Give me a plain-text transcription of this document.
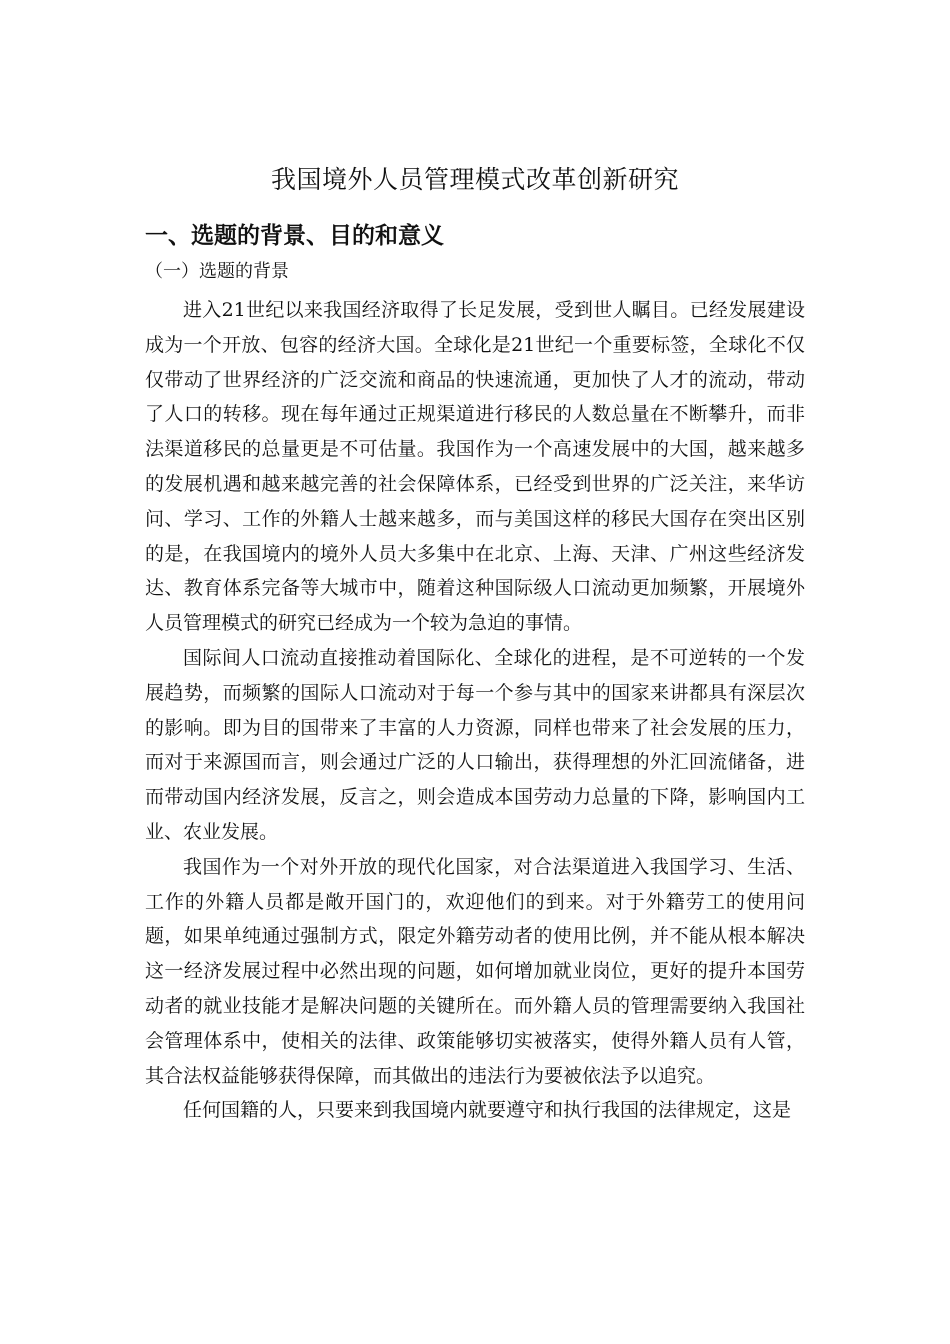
我国境外人员管理模式改革创新研究
一、选题的背景、目的和意义
（一）选题的背景

进入21世纪以来我国经济取得了长足发展，受到世人瞩目。已经发展建设成为一个开放、包容的经济大国。全球化是21世纪一个重要标签，全球化不仅仅带动了世界经济的广泛交流和商品的快速流通，更加快了人才的流动，带动了人口的转移。现在每年通过正规渠道进行移民的人数总量在不断攀升，而非法渠道移民的总量更是不可估量。我国作为一个高速发展中的大国，越来越多的发展机遇和越来越完善的社会保障体系，已经受到世界的广泛关注，来华访问、学习、工作的外籍人士越来越多，而与美国这样的移民大国存在突出区别的是，在我国境内的境外人员大多集中在北京、上海、天津、广州这些经济发达、教育体系完备等大城市中，随着这种国际级人口流动更加频繁，开展境外人员管理模式的研究已经成为一个较为急迫的事情。

国际间人口流动直接推动着国际化、全球化的进程，是不可逆转的一个发展趋势，而频繁的国际人口流动对于每一个参与其中的国家来讲都具有深层次的影响。即为目的国带来了丰富的人力资源，同样也带来了社会发展的压力，而对于来源国而言，则会通过广泛的人口输出，获得理想的外汇回流储备，进而带动国内经济发展，反言之，则会造成本国劳动力总量的下降，影响国内工业、农业发展。

我国作为一个对外开放的现代化国家，对合法渠道进入我国学习、生活、工作的外籍人员都是敞开国门的，欢迎他们的到来。对于外籍劳工的使用问题，如果单纯通过强制方式，限定外籍劳动者的使用比例，并不能从根本解决这一经济发展过程中必然出现的问题，如何增加就业岗位，更好的提升本国劳动者的就业技能才是解决问题的关键所在。而外籍人员的管理需要纳入我国社会管理体系中，使相关的法律、政策能够切实被落实，使得外籍人员有人管，其合法权益能够获得保障，而其做出的违法行为要被依法予以追究。

任何国籍的人，只要来到我国境内就要遵守和执行我国的法律规定，这是
